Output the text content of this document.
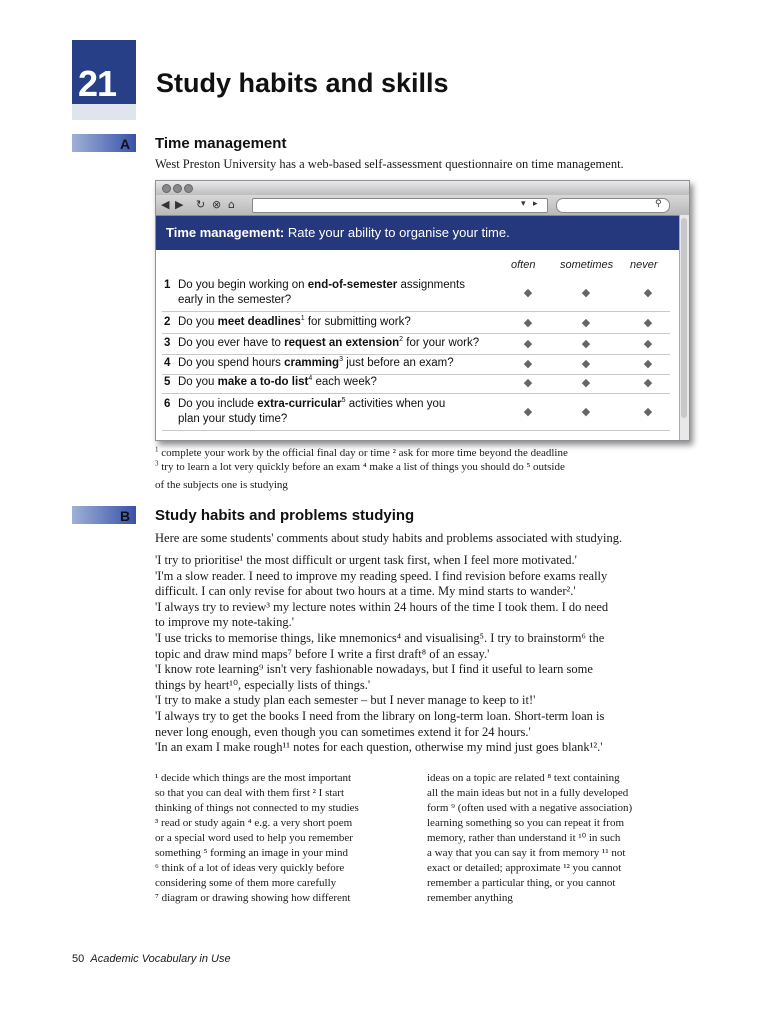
21 Study habits and skills
A Time management
West Preston University has a web-based self-assessment questionnaire on time management.
◀ ▶ ↻ ⊗ ⌂	▾ ▸	⚲
Time management: Rate your ability to organise your time.
often sometimes never
1 Do you begin working on end-of-semester assignments
early in the semester?
◆	◆	◆
2 Do you meet deadlines$^1$ for submitting work?	◆	◆	◆
3 Do you ever have to request an extension$^2$ for your work?	◆	◆	◆
4 Do you spend hours cramming$^3$ just before an exam?	◆	◆	◆
5 Do you make a to-do list$^4$ each week?	◆	◆	◆
6 Do you include extra-curricular$^5$ activities when you
plan your study time?
◆	◆	◆
$^1$ complete your work by the official final day or time ² ask for more time beyond the deadline
$^3$ try to learn a lot very quickly before an exam ⁴ make a list of things you should do ⁵ outside
of the subjects one is studying
B Study habits and problems studying
Here are some students' comments about study habits and problems associated with studying.
'I try to prioritise¹ the most difficult or urgent task first, when I feel more motivated.'
'I'm a slow reader. I need to improve my reading speed. I find revision before exams really
difficult. I can only revise for about two hours at a time. My mind starts to wander².'
'I always try to review³ my lecture notes within 24 hours of the time I took them. I do need
to improve my note-taking.'
'I use tricks to memorise things, like mnemonics⁴ and visualising⁵. I try to brainstorm⁶ the
topic and draw mind maps⁷ before I write a first draft⁸ of an essay.'
'I know rote learning⁹ isn't very fashionable nowadays, but I find it useful to learn some
things by heart¹⁰, especially lists of things.'
'I try to make a study plan each semester – but I never manage to keep to it!'
'I always try to get the books I need from the library on long-term loan. Short-term loan is
never long enough, even though you can sometimes extend it for 24 hours.'
'In an exam I make rough¹¹ notes for each question, otherwise my mind just goes blank¹².'
¹ decide which things are the most important
so that you can deal with them first ² I start
thinking of things not connected to my studies
³ read or study again ⁴ e.g. a very short poem
or a special word used to help you remember
something ⁵ forming an image in your mind
⁶ think of a lot of ideas very quickly before
considering some of them more carefully
⁷ diagram or drawing showing how different
ideas on a topic are related ⁸ text containing
all the main ideas but not in a fully developed
form ⁹ (often used with a negative association)
learning something so you can repeat it from
memory, rather than understand it ¹⁰ in such
a way that you can say it from memory ¹¹ not
exact or detailed; approximate ¹² you cannot
remember a particular thing, or you cannot
remember anything
50 Academic Vocabulary in Use
